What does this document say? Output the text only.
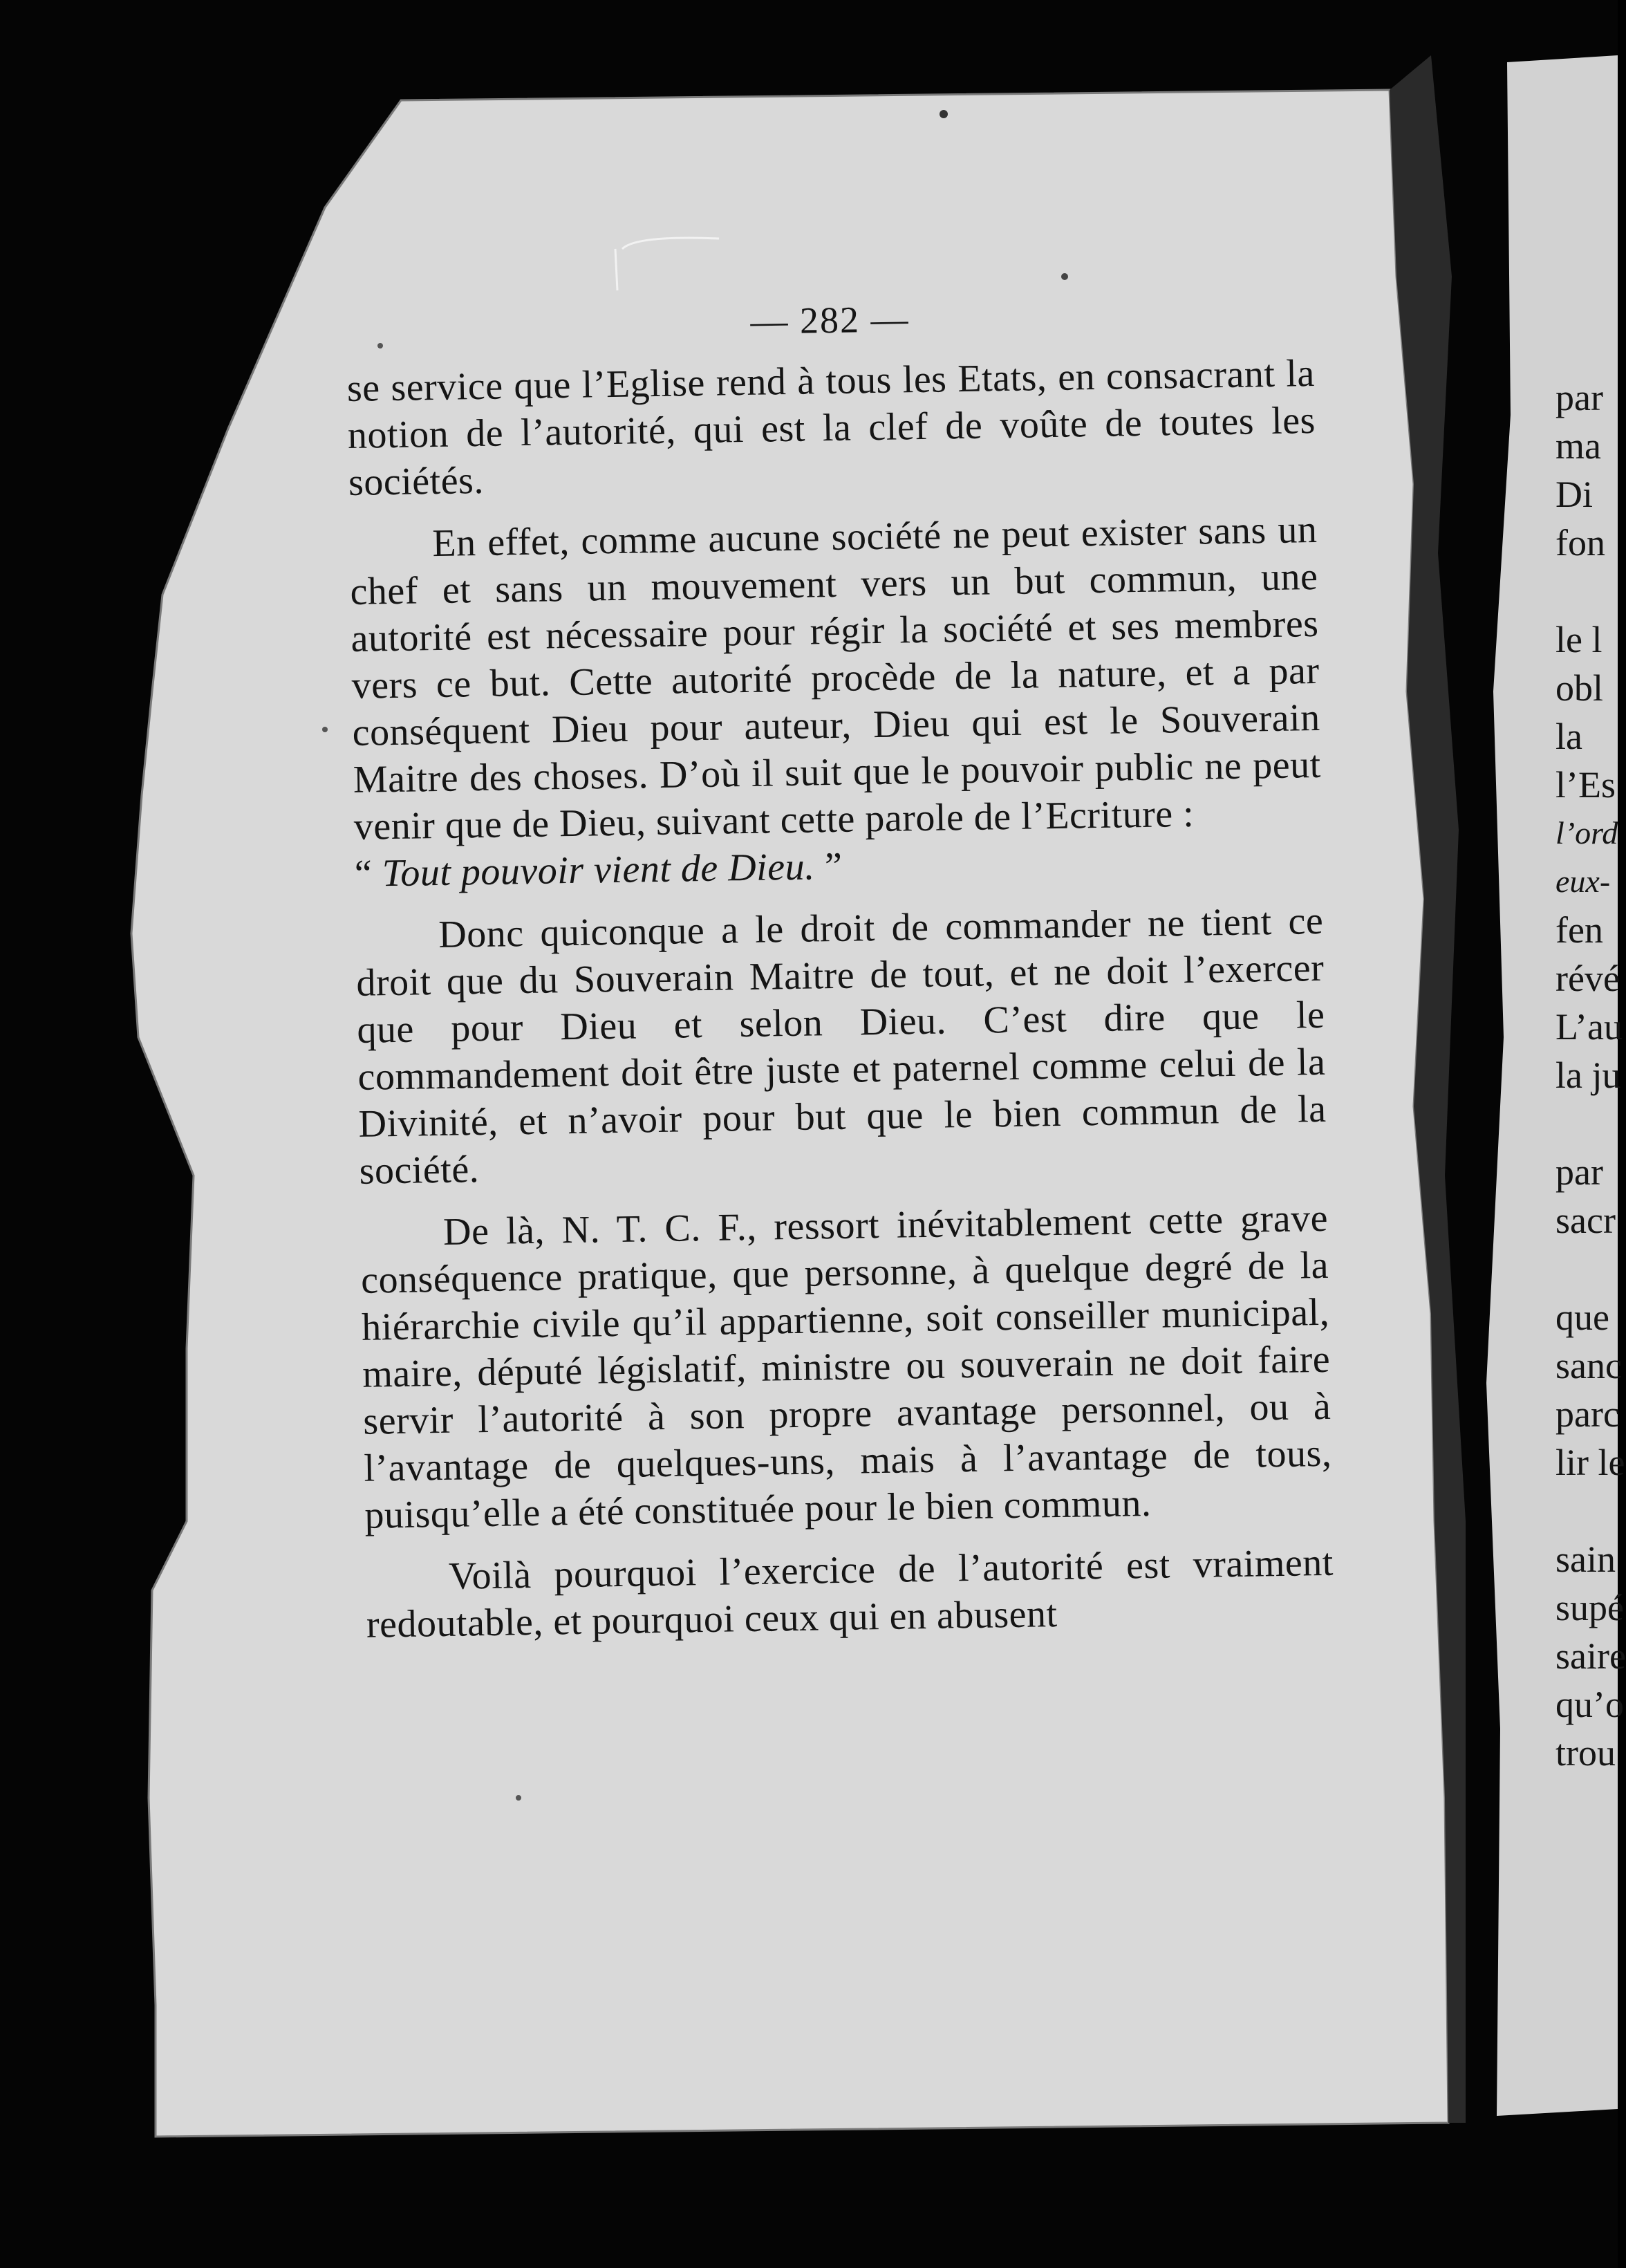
— 282 —

se service que l’Eglise rend à tous les Etats, en consacrant la notion de l’autorité, qui est la clef de voûte de toutes les sociétés.

En effet, comme aucune société ne peut exister sans un chef et sans un mouvement vers un but commun, une autorité est nécessaire pour régir la société et ses membres vers ce but. Cette autorité procède de la nature, et a par conséquent Dieu pour auteur, Dieu qui est le Souverain Maitre des choses. D’où il suit que le pouvoir public ne peut venir que de Dieu, suivant cette parole de l’Ecriture :
“ Tout pouvoir vient de Dieu. ”

Donc quiconque a le droit de commander ne tient ce droit que du Souverain Maitre de tout, et ne doit l’exercer que pour Dieu et selon Dieu. C’est dire que le commandement doit être juste et paternel comme celui de la Divinité, et n’avoir pour but que le bien commun de la société.

De là, N. T. C. F., ressort inévitablement cette grave conséquence pratique, que personne, à quelque degré de la hiérarchie civile qu’il appartienne, soit conseiller municipal, maire, député législatif, ministre ou souverain ne doit faire servir l’autorité à son propre avantage personnel, ou à l’avantage de quelques-uns, mais à l’avantage de tous, puisqu’elle a été constituée pour le bien commun.

Voilà pourquoi l’exercice de l’autorité est vraiment redoutable, et pourquoi ceux qui en abusent

par
ma
Di
fon
le l
obl
la
l’Es
l’ord
eux-
fen
révé
L’au
la ju
par
sacr
que
sanc
parc
lir le
sain
supé
saire
qu’o
trou
